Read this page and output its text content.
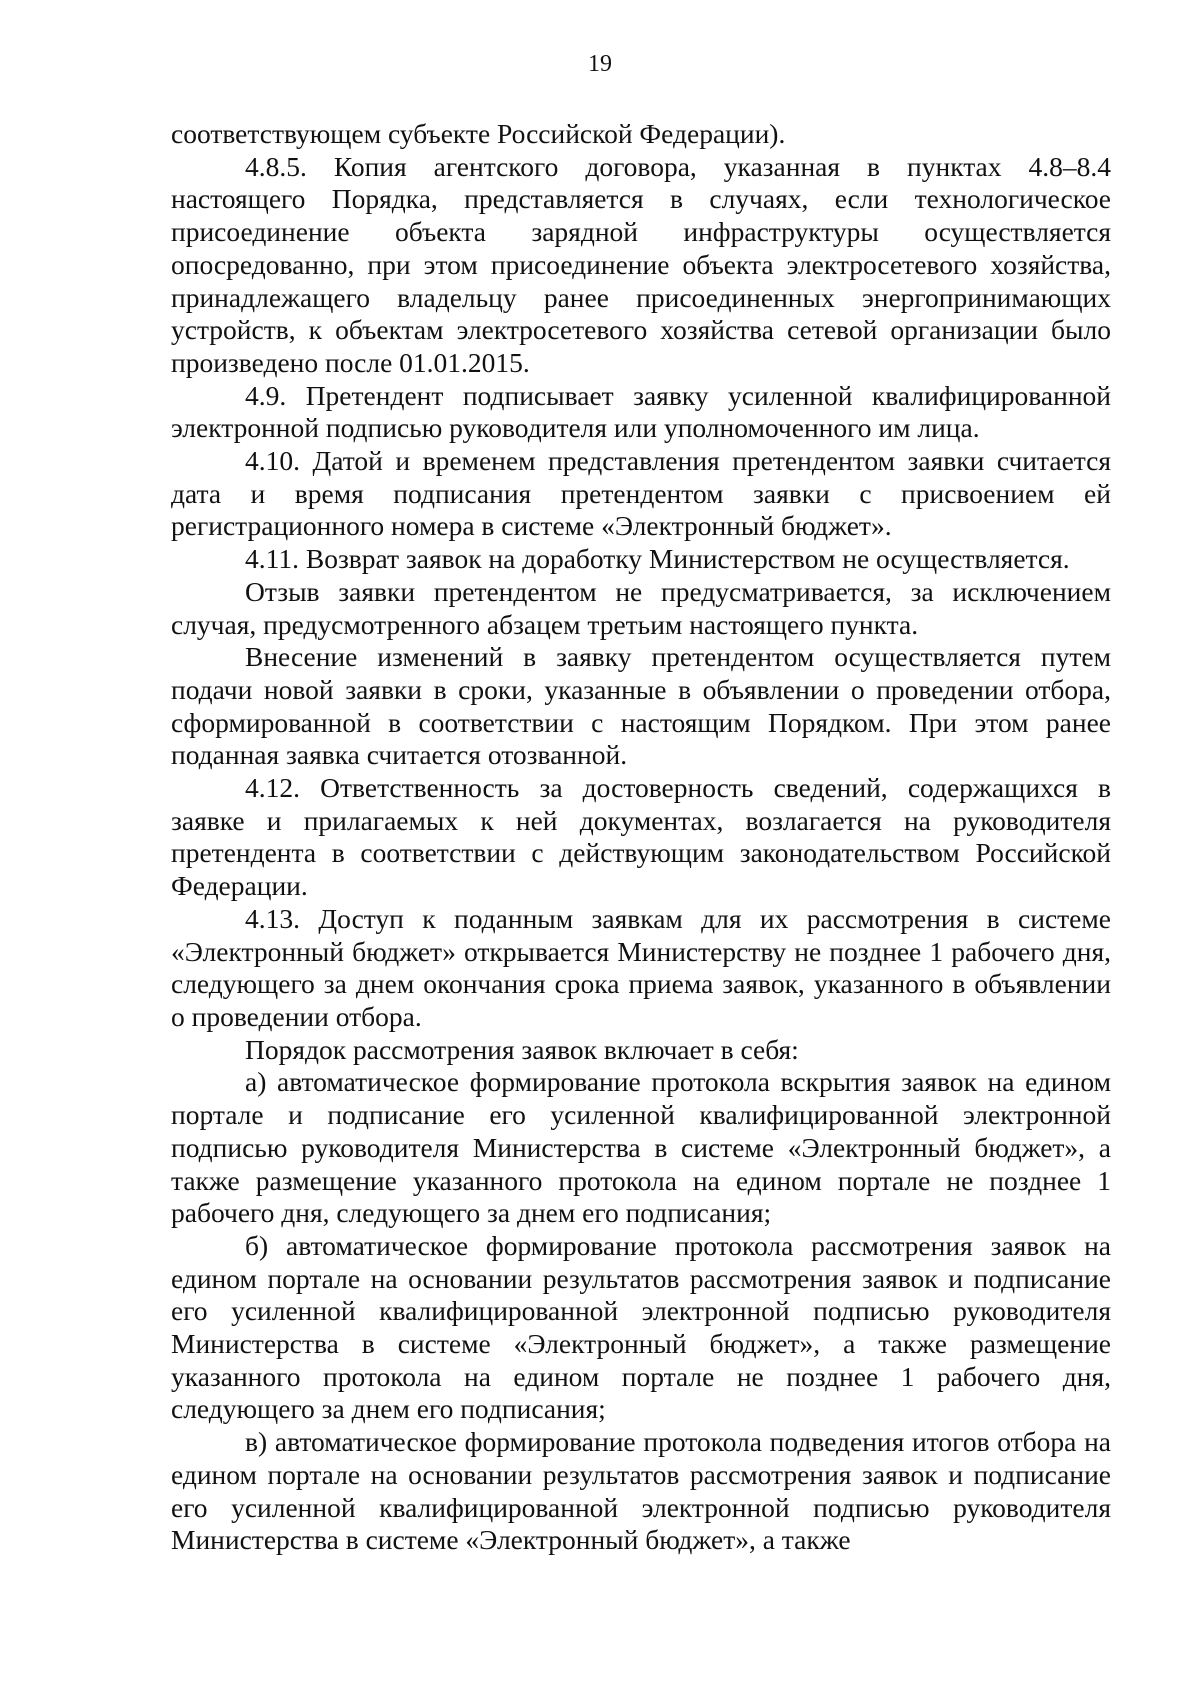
19

соответствующем субъекте Российской Федерации).

4.8.5. Копия агентского договора, указанная в пунктах 4.8–8.4 настоящего Порядка, представляется в случаях, если технологическое присоединение объекта зарядной инфраструктуры осуществляется опосредованно, при этом присоединение объекта электросетевого хозяйства, принадлежащего владельцу ранее присоединенных энергопринимающих устройств, к объектам электросетевого хозяйства сетевой организации было произведено после 01.01.2015.

4.9. Претендент подписывает заявку усиленной квалифицированной электронной подписью руководителя или уполномоченного им лица.

4.10. Датой и временем представления претендентом заявки считается дата и время подписания претендентом заявки с присвоением ей регистрационного номера в системе «Электронный бюджет».

4.11. Возврат заявок на доработку Министерством не осуществляется.

Отзыв заявки претендентом не предусматривается, за исключением случая, предусмотренного абзацем третьим настоящего пункта.

Внесение изменений в заявку претендентом осуществляется путем подачи новой заявки в сроки, указанные в объявлении о проведении отбора, сформированной в соответствии с настоящим Порядком. При этом ранее поданная заявка считается отозванной.

4.12. Ответственность за достоверность сведений, содержащихся в заявке и прилагаемых к ней документах, возлагается на руководителя претендента в соответствии с действующим законодательством Российской Федерации.

4.13. Доступ к поданным заявкам для их рассмотрения в системе «Электронный бюджет» открывается Министерству не позднее 1 рабочего дня, следующего за днем окончания срока приема заявок, указанного в объявлении о проведении отбора.

Порядок рассмотрения заявок включает в себя:

а) автоматическое формирование протокола вскрытия заявок на едином портале и подписание его усиленной квалифицированной электронной подписью руководителя Министерства в системе «Электронный бюджет», а также размещение указанного протокола на едином портале не позднее 1 рабочего дня, следующего за днем его подписания;

б) автоматическое формирование протокола рассмотрения заявок на едином портале на основании результатов рассмотрения заявок и подписание его усиленной квалифицированной электронной подписью руководителя Министерства в системе «Электронный бюджет», а также размещение указанного протокола на едином портале не позднее 1 рабочего дня, следующего за днем его подписания;

в) автоматическое формирование протокола подведения итогов отбора на едином портале на основании результатов рассмотрения заявок и подписание его усиленной квалифицированной электронной подписью руководителя Министерства в системе «Электронный бюджет», а также
